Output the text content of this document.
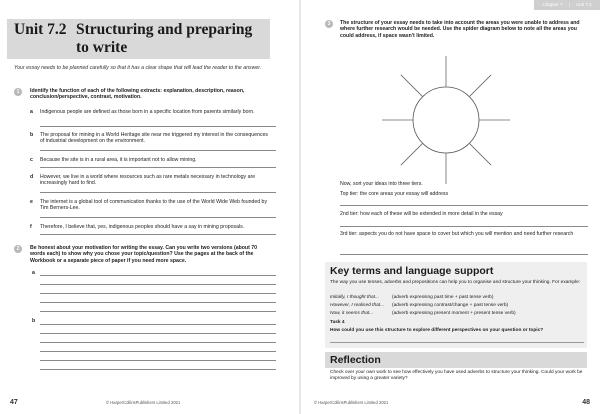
Unit 7.2 Structuring and preparing
to write
Your essay needs to be planned carefully so that it has a clear shape that will lead the reader to the answer.
1	Identify the function of each of the following extracts: explanation, description, reason, conclusion/perspective, contrast, motivation.
a Indigenous people are defined as those born in a specific location from parents similarly born.
b The proposal for mining in a World Heritage site near me triggered my interest in the consequences of industrial development on the environment.
c Because the site is in a rural area, it is important not to allow mining.
d However, we live in a world where resources such as rare metals necessary in technology are increasingly hard to find.
e The internet is a global tool of communication thanks to the use of the World Wide Web founded by Tim Berners-Lee.
f Therefore, I believe that, yes, indigenous peoples should have a say in mining proposals.
2	Be honest about your motivation for writing the essay. Can you write two versions (about 70 words each) to show why you chose your topic/question? Use the pages at the back of the Workbook or a separate piece of paper if you need more space.
a
b
47	© HarperCollinsPublishers Limited 2021
Chapter 7 | Unit 7.2
3	The structure of your essay needs to take into account the areas you were unable to address and where further research would be needed. Use the spider diagram below to note all the areas you could address, if space wasn't limited.
Now, sort your ideas into three tiers.
Top tier: the core areas your essay will address
2nd tier: how each of these will be extended in more detail in the essay
3rd tier: aspects you do not have space to cover but which you will mention and need further research
Key terms and language support
The way you use tenses, adverbs and prepositions can help you to organise and structure your thinking. For example:
Initially, I thought that...	(adverb expressing past time + past tense verb)
However, I realised that... (adverb expressing contrast/change + past tense verb)
Now, it seems that...	(adverb expressing present moment + present tense verb)
Task 4
How could you use this structure to explore different perspectives on your question or topic?
Reflection
Check over your own work to see how effectively you have used adverbs to structure your thinking. Could your work be improved by using a greater variety?
© HarperCollinsPublishers Limited 2021	48
